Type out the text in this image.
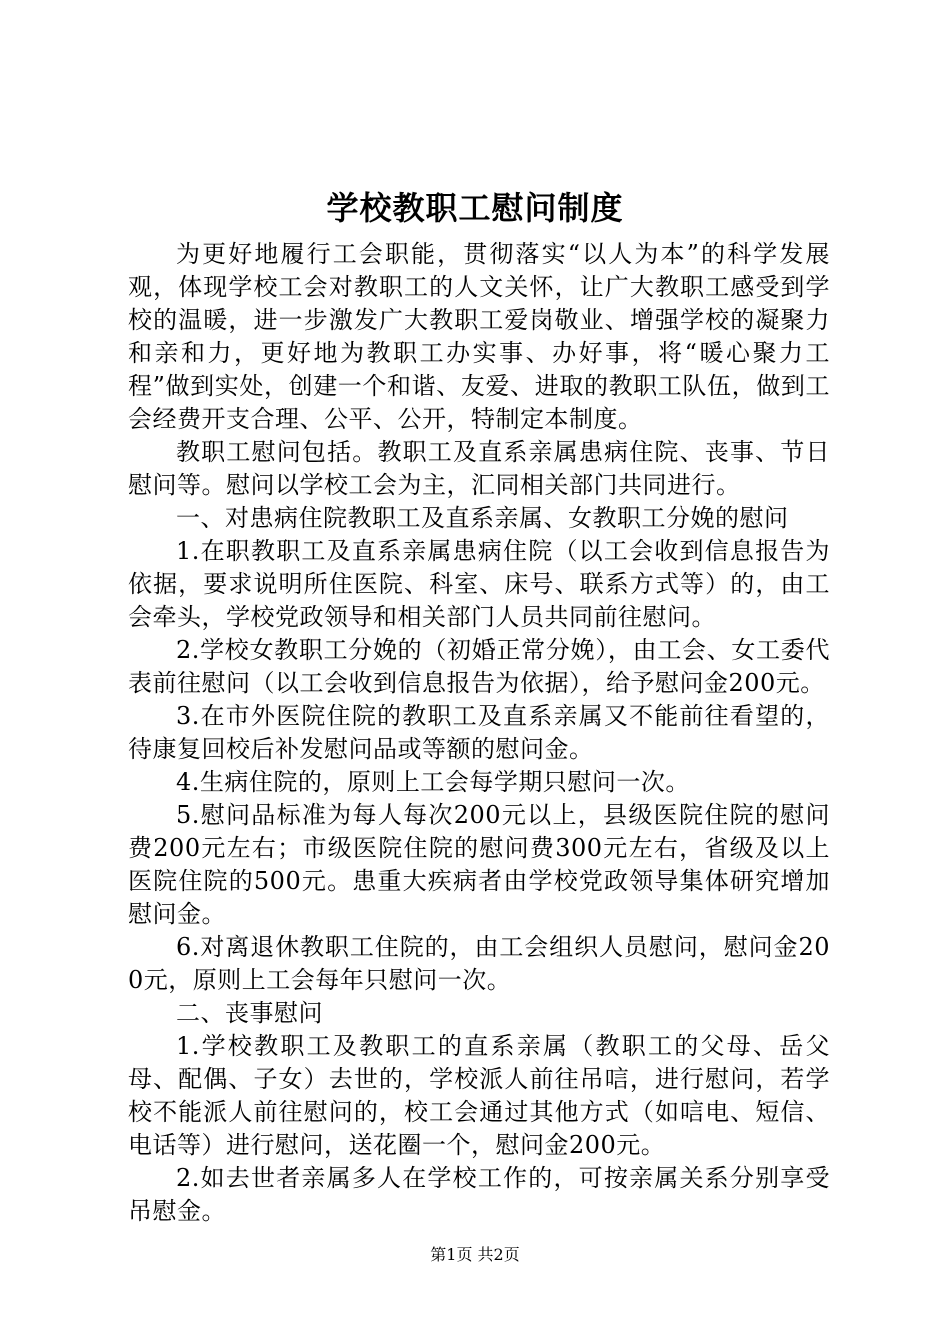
学校教职工慰问制度

为更好地履行工会职能，贯彻落实“以人为本”的科学发展观，体现学校工会对教职工的人文关怀，让广大教职工感受到学校的温暖，进一步激发广大教职工爱岗敬业、增强学校的凝聚力和亲和力，更好地为教职工办实事、办好事，将“暖心聚力工程”做到实处，创建一个和谐、友爱、进取的教职工队伍，做到工会经费开支合理、公平、公开，特制定本制度。

教职工慰问包括。教职工及直系亲属患病住院、丧事、节日慰问等。慰问以学校工会为主，汇同相关部门共同进行。

一、对患病住院教职工及直系亲属、女教职工分娩的慰问

1.在职教职工及直系亲属患病住院（以工会收到信息报告为依据，要求说明所住医院、科室、床号、联系方式等）的，由工会牵头，学校党政领导和相关部门人员共同前往慰问。

2.学校女教职工分娩的（初婚正常分娩），由工会、女工委代表前往慰问（以工会收到信息报告为依据），给予慰问金200元。

3.在市外医院住院的教职工及直系亲属又不能前往看望的，待康复回校后补发慰问品或等额的慰问金。

4.生病住院的，原则上工会每学期只慰问一次。

5.慰问品标准为每人每次200元以上，县级医院住院的慰问费200元左右；市级医院住院的慰问费300元左右，省级及以上医院住院的500元。患重大疾病者由学校党政领导集体研究增加慰问金。

6.对离退休教职工住院的，由工会组织人员慰问，慰问金200元，原则上工会每年只慰问一次。

二、丧事慰问

1.学校教职工及教职工的直系亲属（教职工的父母、岳父母、配偶、子女）去世的，学校派人前往吊唁，进行慰问，若学校不能派人前往慰问的，校工会通过其他方式（如唁电、短信、电话等）进行慰问，送花圈一个，慰问金200元。

2.如去世者亲属多人在学校工作的，可按亲属关系分别享受吊慰金。

第1页 共2页
